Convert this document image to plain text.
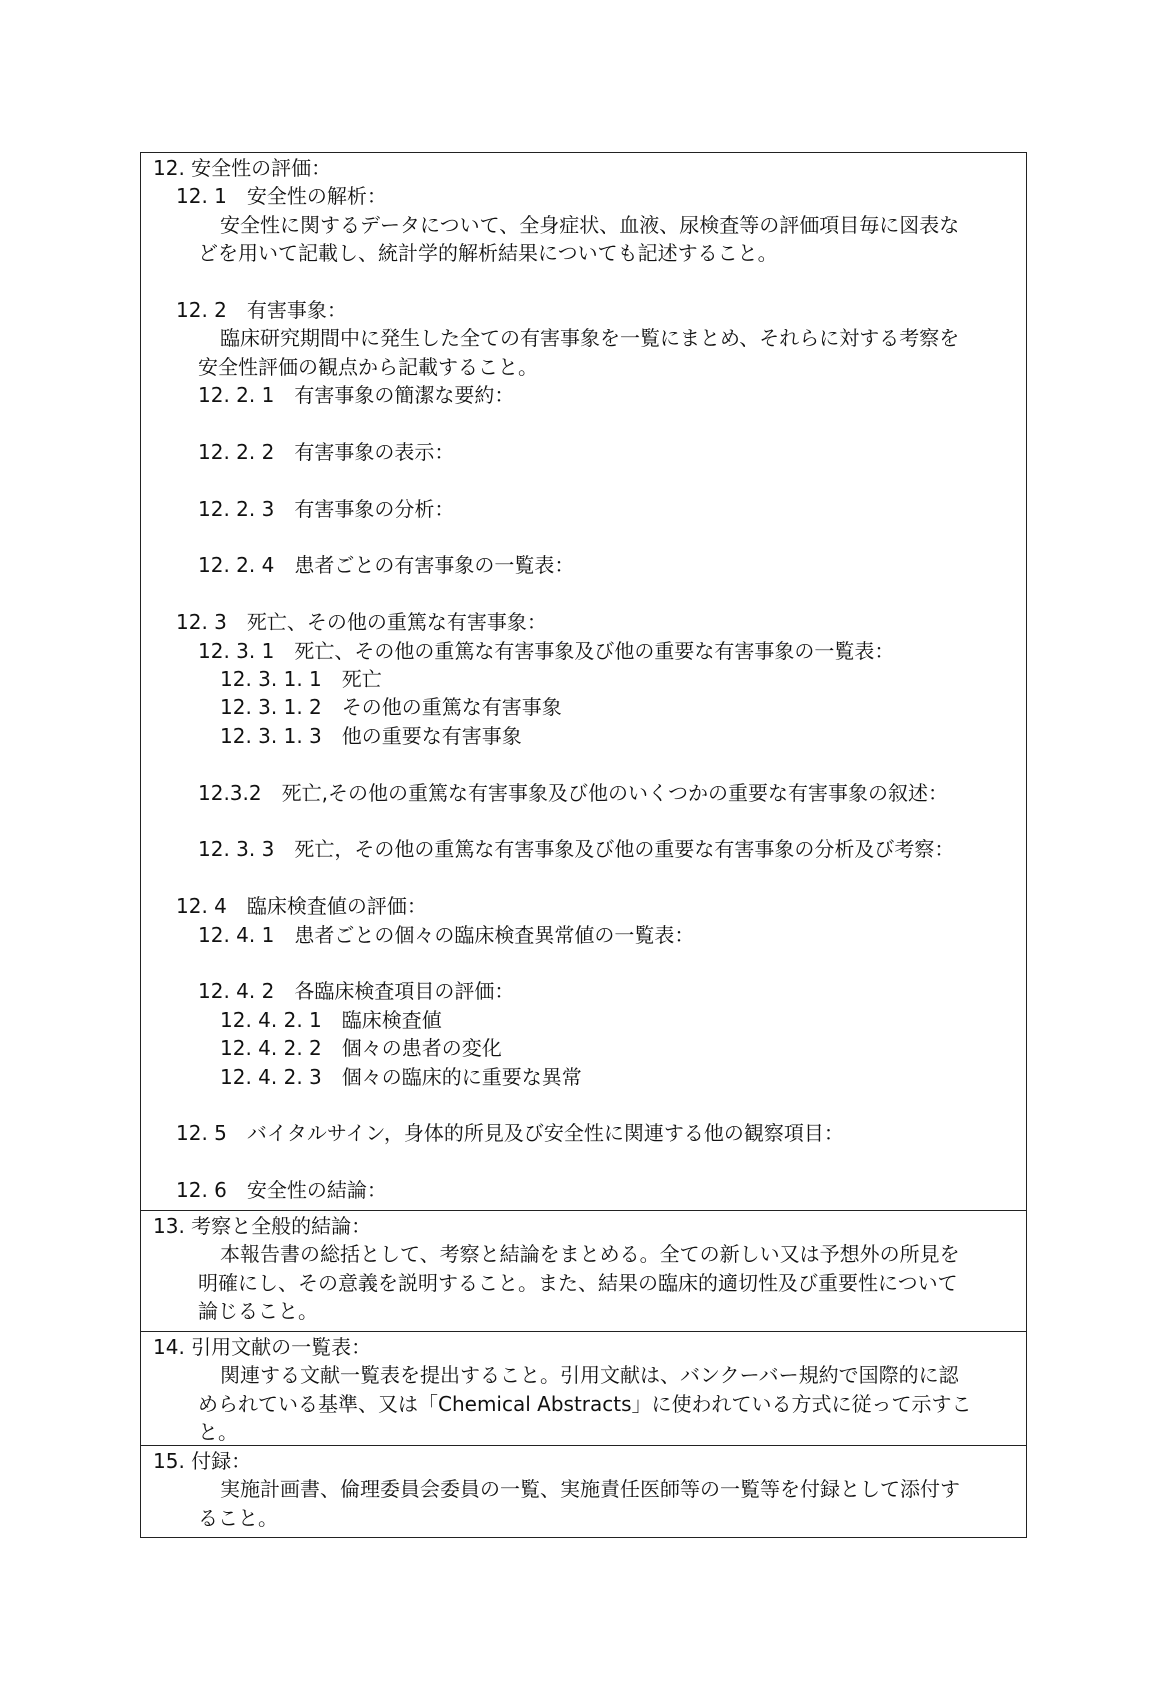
12. 安全性の評価：
12. 1　安全性の解析：
安全性に関するデータについて、全身症状、血液、尿検査等の評価項目毎に図表な
どを用いて記載し、統計学的解析結果についても記述すること。
12. 2　有害事象：
臨床研究期間中に発生した全ての有害事象を一覧にまとめ、それらに対する考察を
安全性評価の観点から記載すること。
12. 2. 1　有害事象の簡潔な要約：
12. 2. 2　有害事象の表示：
12. 2. 3　有害事象の分析：
12. 2. 4　患者ごとの有害事象の一覧表：
12. 3　死亡、その他の重篤な有害事象：
12. 3. 1　死亡、その他の重篤な有害事象及び他の重要な有害事象の一覧表：
12. 3. 1. 1　死亡
12. 3. 1. 2　その他の重篤な有害事象
12. 3. 1. 3　他の重要な有害事象
12.3.2　死亡,その他の重篤な有害事象及び他のいくつかの重要な有害事象の叙述：
12. 3. 3　死亡，その他の重篤な有害事象及び他の重要な有害事象の分析及び考察：
12. 4　臨床検査値の評価：
12. 4. 1　患者ごとの個々の臨床検査異常値の一覧表：
12. 4. 2　各臨床検査項目の評価：
12. 4. 2. 1　臨床検査値
12. 4. 2. 2　個々の患者の変化
12. 4. 2. 3　個々の臨床的に重要な異常
12. 5　バイタルサイン，身体的所見及び安全性に関連する他の観察項目：
12. 6　安全性の結論：
13. 考察と全般的結論：
本報告書の総括として、考察と結論をまとめる。全ての新しい又は予想外の所見を
明確にし、その意義を説明すること。また、結果の臨床的適切性及び重要性について
論じること。
14. 引用文献の一覧表：
関連する文献一覧表を提出すること。引用文献は、バンクーバー規約で国際的に認
められている基準、又は「Chemical Abstracts」に使われている方式に従って示すこ
と。
15. 付録：
実施計画書、倫理委員会委員の一覧、実施責任医師等の一覧等を付録として添付す
ること。
